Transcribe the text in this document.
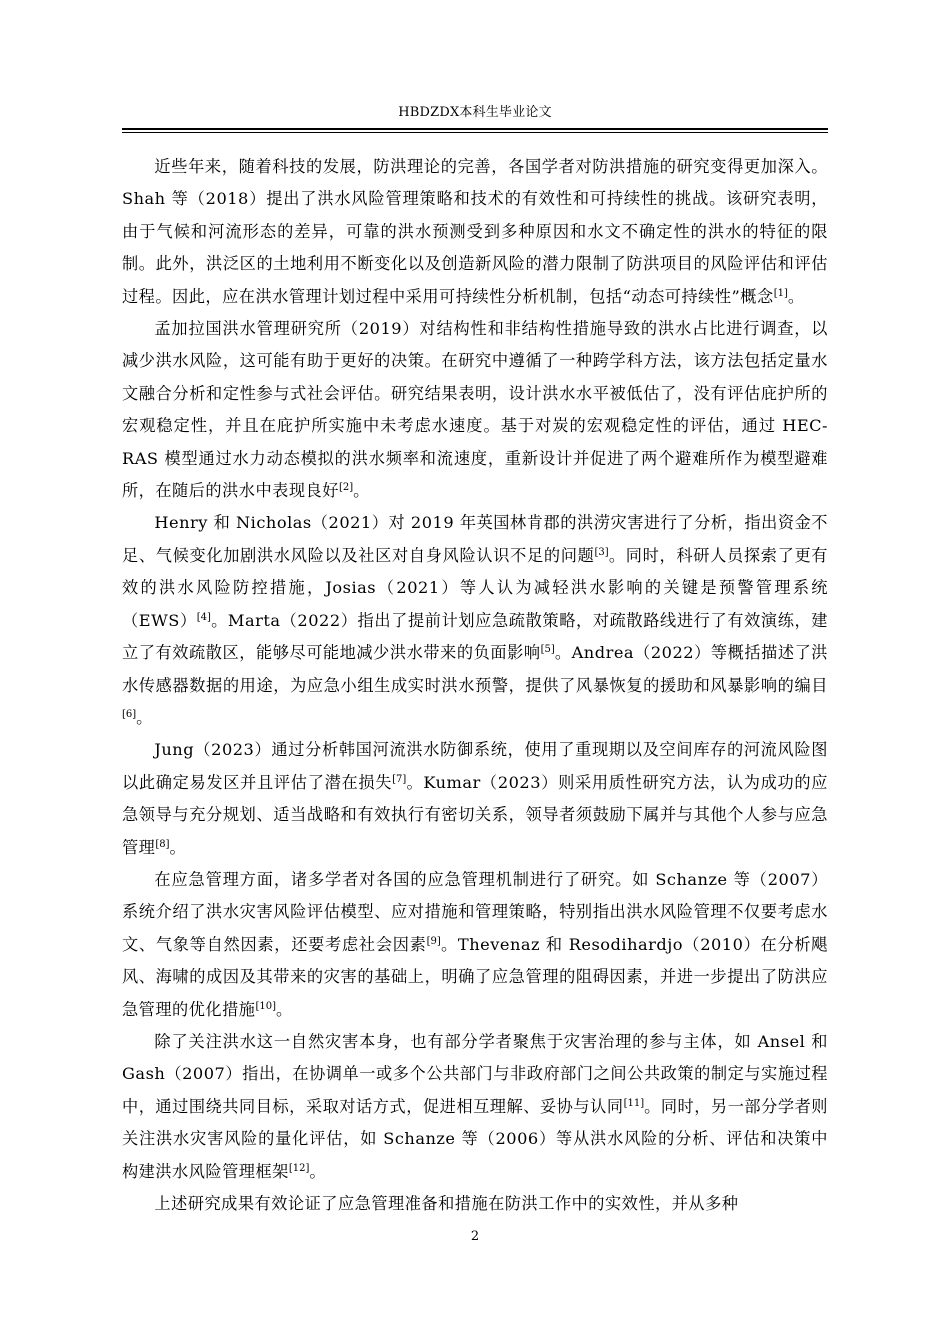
HBDZDX本科生毕业论文

近些年来，随着科技的发展，防洪理论的完善，各国学者对防洪措施的研究变得更加深入。Shah 等（2018）提出了洪水风险管理策略和技术的有效性和可持续性的挑战。该研究表明，由于气候和河流形态的差异，可靠的洪水预测受到多种原因和水文不确定性的洪水的特征的限制。此外，洪泛区的土地利用不断变化以及创造新风险的潜力限制了防洪项目的风险评估和评估过程。因此，应在洪水管理计划过程中采用可持续性分析机制，包括“动态可持续性”概念[1]。

孟加拉国洪水管理研究所（2019）对结构性和非结构性措施导致的洪水占比进行调查，以减少洪水风险，这可能有助于更好的决策。在研究中遵循了一种跨学科方法，该方法包括定量水文融合分析和定性参与式社会评估。研究结果表明，设计洪水水平被低估了，没有评估庇护所的宏观稳定性，并且在庇护所实施中未考虑水速度。基于对炭的宏观稳定性的评估，通过 HEC-RAS 模型通过水力动态模拟的洪水频率和流速度，重新设计并促进了两个避难所作为模型避难所，在随后的洪水中表现良好[2]。

Henry 和 Nicholas（2021）对 2019 年英国林肯郡的洪涝灾害进行了分析，指出资金不足、气候变化加剧洪水风险以及社区对自身风险认识不足的问题[3]。同时，科研人员探索了更有效的洪水风险防控措施，Josias（2021）等人认为减轻洪水影响的关键是预警管理系统（EWS）[4]。Marta（2022）指出了提前计划应急疏散策略，对疏散路线进行了有效演练，建立了有效疏散区，能够尽可能地减少洪水带来的负面影响[5]。Andrea（2022）等概括描述了洪水传感器数据的用途，为应急小组生成实时洪水预警，提供了风暴恢复的援助和风暴影响的编目[6]。

Jung（2023）通过分析韩国河流洪水防御系统，使用了重现期以及空间库存的河流风险图以此确定易发区并且评估了潜在损失[7]。Kumar（2023）则采用质性研究方法，认为成功的应急领导与充分规划、适当战略和有效执行有密切关系，领导者须鼓励下属并与其他个人参与应急管理[8]。

在应急管理方面，诸多学者对各国的应急管理机制进行了研究。如 Schanze 等（2007）系统介绍了洪水灾害风险评估模型、应对措施和管理策略，特别指出洪水风险管理不仅要考虑水文、气象等自然因素，还要考虑社会因素[9]。Thevenaz 和 Resodihardjo（2010）在分析飓风、海啸的成因及其带来的灾害的基础上，明确了应急管理的阻碍因素，并进一步提出了防洪应急管理的优化措施[10]。

除了关注洪水这一自然灾害本身，也有部分学者聚焦于灾害治理的参与主体，如 Ansel 和 Gash（2007）指出，在协调单一或多个公共部门与非政府部门之间公共政策的制定与实施过程中，通过围绕共同目标，采取对话方式，促进相互理解、妥协与认同[11]。同时，另一部分学者则关注洪水灾害风险的量化评估，如 Schanze 等（2006）等从洪水风险的分析、评估和决策中构建洪水风险管理框架[12]。

上述研究成果有效论证了应急管理准备和措施在防洪工作中的实效性，并从多种

2
